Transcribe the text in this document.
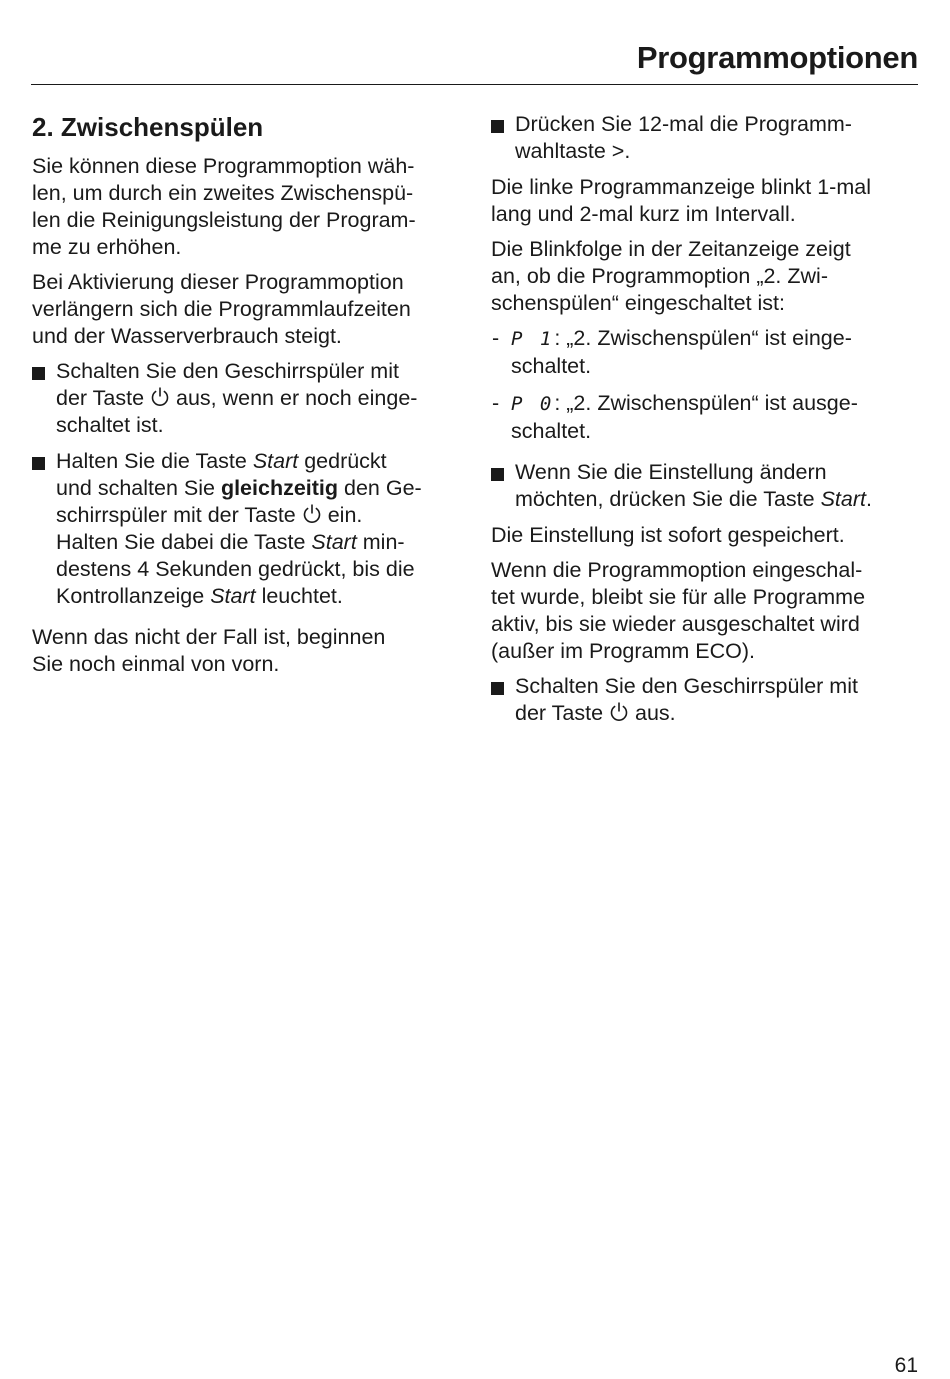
Programmoptionen
2. Zwischenspülen

Sie können diese Programmoption wäh-
len, um durch ein zweites Zwischenspü-
len die Reinigungsleistung der Program-
me zu erhöhen.

Bei Aktivierung dieser Programmoption
verlängern sich die Programmlaufzeiten
und der Wasserverbrauch steigt.

Schalten Sie den Geschirrspüler mit
der Taste  aus, wenn er noch einge-
schaltet ist.
Halten Sie die Taste Start gedrückt
und schalten Sie gleichzeitig den Ge-
schirrspüler mit der Taste  ein.
Halten Sie dabei die Taste Start min-
destens 4 Sekunden gedrückt, bis die
Kontrollanzeige Start leuchtet.

Wenn das nicht der Fall ist, beginnen
Sie noch einmal von vorn.

Drücken Sie 12-mal die Programm-
wahltaste >.

Die linke Programmanzeige blinkt 1-mal
lang und 2-mal kurz im Intervall.

Die Blinkfolge in der Zeitanzeige zeigt
an, ob die Programmoption „2. Zwi-
schenspülen“ eingeschaltet ist:

- P 1: „2. Zwischenspülen“ ist einge-
schaltet.
- P 0: „2. Zwischenspülen“ ist ausge-
schaltet.
Wenn Sie die Einstellung ändern
möchten, drücken Sie die Taste Start.

Die Einstellung ist sofort gespeichert.

Wenn die Programmoption eingeschal-
tet wurde, bleibt sie für alle Programme
aktiv, bis sie wieder ausgeschaltet wird
(außer im Programm ECO).

Schalten Sie den Geschirrspüler mit
der Taste  aus.
61
